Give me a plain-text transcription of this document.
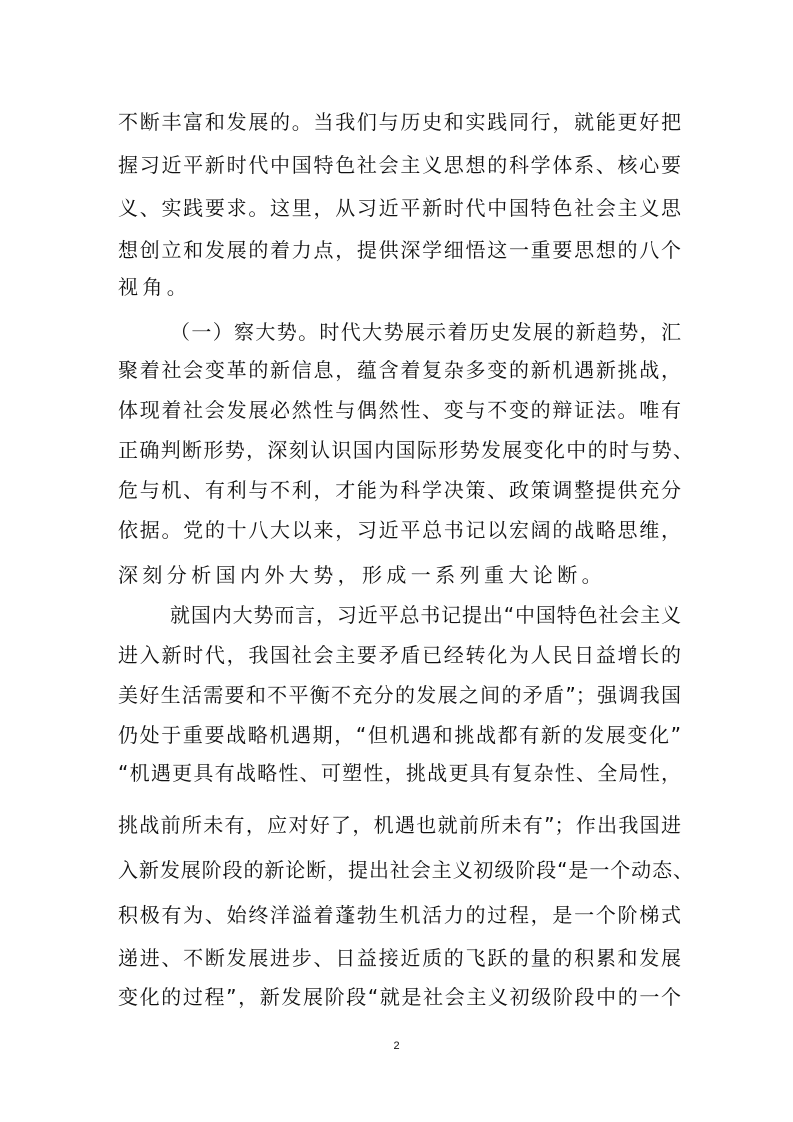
不断丰富和发展的。当我们与历史和实践同行，就能更好把
握习近平新时代中国特色社会主义思想的科学体系、核心要
义、实践要求。这里，从习近平新时代中国特色社会主义思
想创立和发展的着力点，提供深学细悟这一重要思想的八个
视角。
（一）察大势。时代大势展示着历史发展的新趋势，汇
聚着社会变革的新信息，蕴含着复杂多变的新机遇新挑战，
体现着社会发展必然性与偶然性、变与不变的辩证法。唯有
正确判断形势，深刻认识国内国际形势发展变化中的时与势、
危与机、有利与不利，才能为科学决策、政策调整提供充分
依据。党的十八大以来，习近平总书记以宏阔的战略思维，
深刻分析国内外大势，形成一系列重大论断。
就国内大势而言，习近平总书记提出“中国特色社会主义
进入新时代，我国社会主要矛盾已经转化为人民日益增长的
美好生活需要和不平衡不充分的发展之间的矛盾”；强调我国
仍处于重要战略机遇期，“但机遇和挑战都有新的发展变化”
“机遇更具有战略性、可塑性，挑战更具有复杂性、全局性，
挑战前所未有，应对好了，机遇也就前所未有”；作出我国进
入新发展阶段的新论断，提出社会主义初级阶段“是一个动态、
积极有为、始终洋溢着蓬勃生机活力的过程，是一个阶梯式
递进、不断发展进步、日益接近质的飞跃的量的积累和发展
变化的过程”，新发展阶段“就是社会主义初级阶段中的一个
2
